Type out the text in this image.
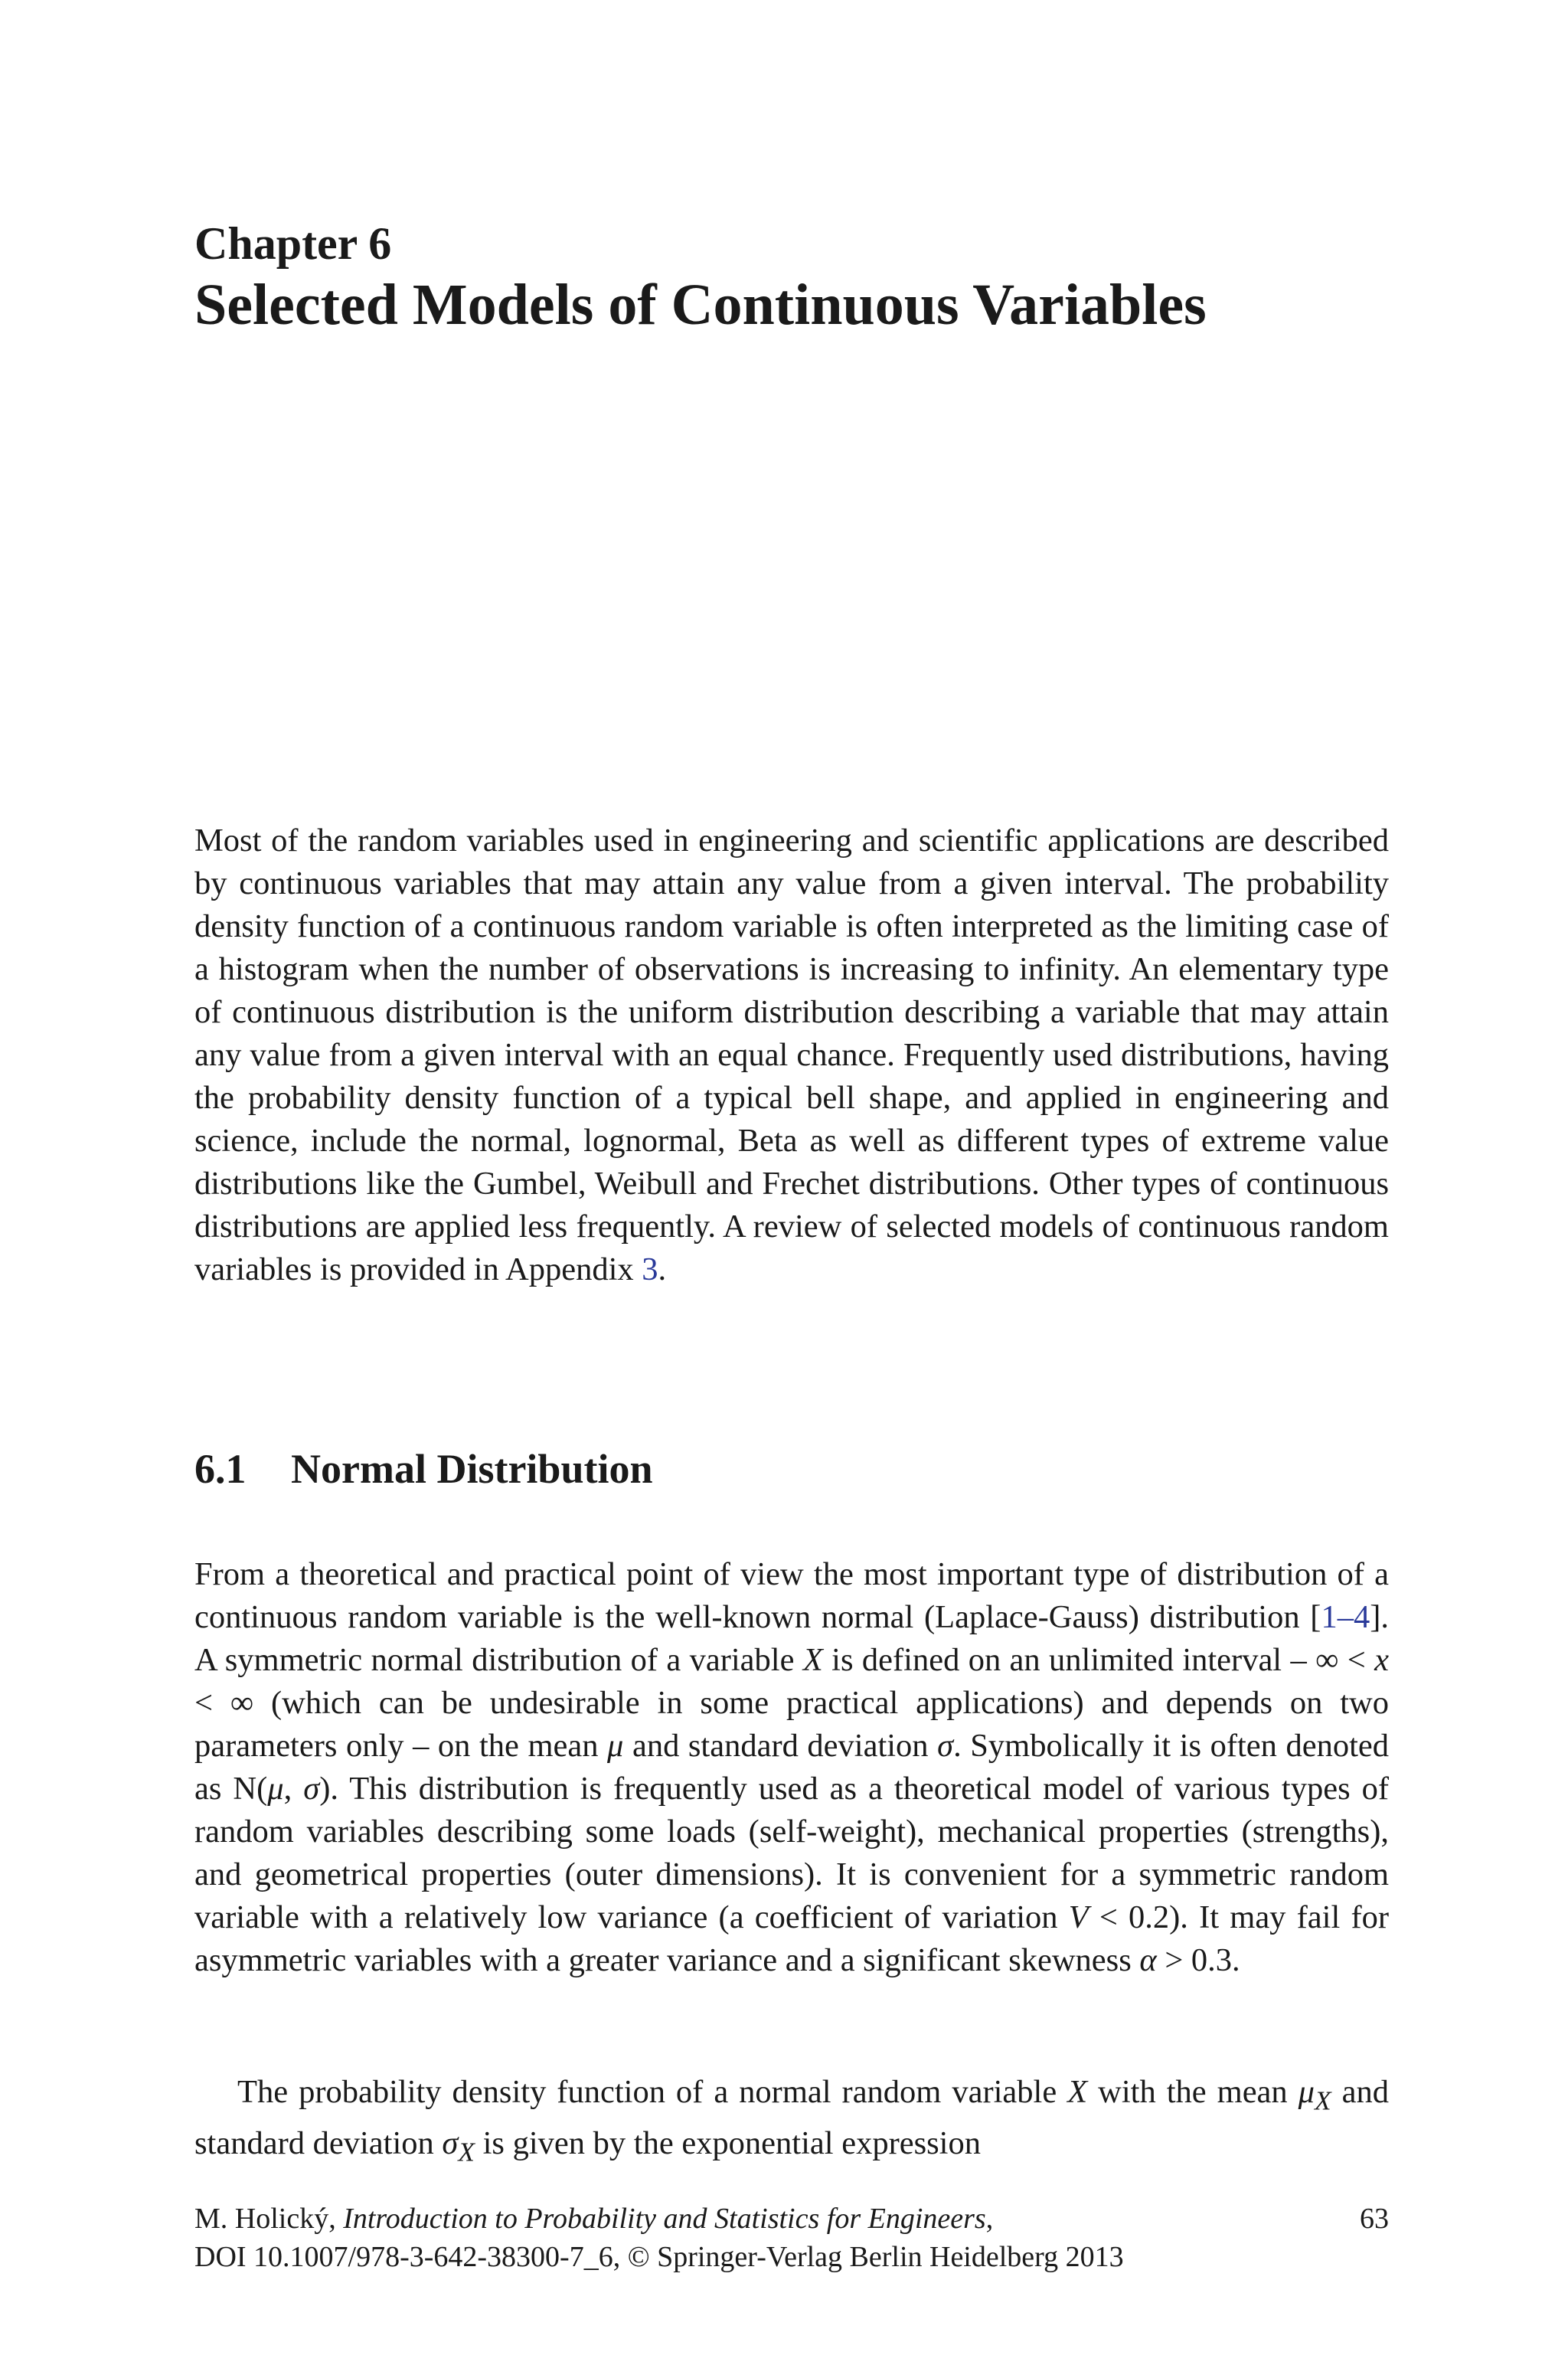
Chapter 6
Selected Models of Continuous Variables

Most of the random variables used in engineering and scientific applications are described by continuous variables that may attain any value from a given interval. The probability density function of a continuous random variable is often interpreted as the limiting case of a histogram when the number of observations is increasing to infinity. An elementary type of continuous distribution is the uniform distribution describing a variable that may attain any value from a given interval with an equal chance. Frequently used distributions, having the probability density function of a typical bell shape, and applied in engineering and science, include the normal, lognormal, Beta as well as different types of extreme value distributions like the Gumbel, Weibull and Frechet distributions. Other types of continuous distributions are applied less frequently. A review of selected models of continuous random variables is provided in Appendix 3.

6.1 Normal Distribution

From a theoretical and practical point of view the most important type of distribution of a continuous random variable is the well-known normal (Laplace-Gauss) distribution [1–4]. A symmetric normal distribution of a variable X is defined on an unlimited interval – ∞ < x < ∞ (which can be undesirable in some practical applications) and depends on two parameters only – on the mean μ and standard deviation σ. Symbolically it is often denoted as N(μ, σ). This distribution is frequently used as a theoretical model of various types of random variables describing some loads (self-weight), mechanical properties (strengths), and geometrical properties (outer dimensions). It is convenient for a symmetric random variable with a relatively low variance (a coefficient of variation V < 0.2). It may fail for asymmetric variables with a greater variance and a significant skewness α > 0.3.

The probability density function of a normal random variable X with the mean $\mu_X$ and standard deviation $\sigma_X$ is given by the exponential expression

M. Holický, Introduction to Probability and Statistics for Engineers,
DOI 10.1007/978-3-642-38300-7_6, © Springer-Verlag Berlin Heidelberg 2013
63
